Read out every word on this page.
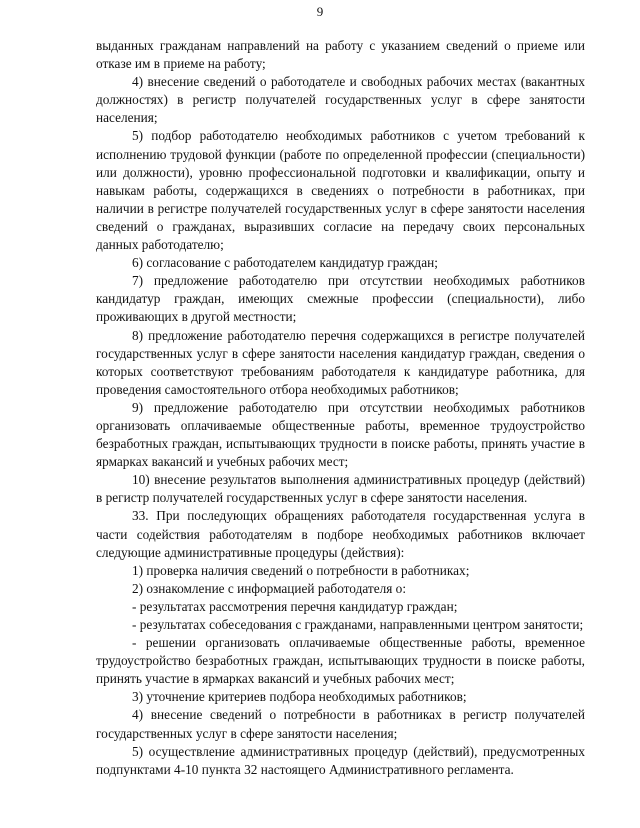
9

выданных гражданам направлений на работу с указанием сведений о приеме или отказе им в приеме на работу;

4) внесение сведений о работодателе и свободных рабочих местах (вакантных должностях) в регистр получателей государственных услуг в сфере занятости населения;

5) подбор работодателю необходимых работников с учетом требований к исполнению трудовой функции (работе по определенной профессии (специальности) или должности), уровню профессиональной подготовки и квалификации, опыту и навыкам работы, содержащихся в сведениях о потребности в работниках, при наличии в регистре получателей государственных услуг в сфере занятости населения сведений о гражданах, выразивших согласие на передачу своих персональных данных работодателю;

6) согласование с работодателем кандидатур граждан;

7) предложение работодателю при отсутствии необходимых работников кандидатур граждан, имеющих смежные профессии (специальности), либо проживающих в другой местности;

8) предложение работодателю перечня содержащихся в регистре получателей государственных услуг в сфере занятости населения кандидатур граждан, сведения о которых соответствуют требованиям работодателя к кандидатуре работника, для проведения самостоятельного отбора необходимых работников;

9) предложение работодателю при отсутствии необходимых работников организовать оплачиваемые общественные работы, временное трудоустройство безработных граждан, испытывающих трудности в поиске работы, принять участие в ярмарках вакансий и учебных рабочих мест;

10) внесение результатов выполнения административных процедур (действий) в регистр получателей государственных услуг в сфере занятости населения.

33. При последующих обращениях работодателя государственная услуга в части содействия работодателям в подборе необходимых работников включает следующие административные процедуры (действия):

1) проверка наличия сведений о потребности в работниках;

2) ознакомление с информацией работодателя о:

- результатах рассмотрения перечня кандидатур граждан;

- результатах собеседования с гражданами, направленными центром занятости;

- решении организовать оплачиваемые общественные работы, временное трудоустройство безработных граждан, испытывающих трудности в поиске работы, принять участие в ярмарках вакансий и учебных рабочих мест;

3) уточнение критериев подбора необходимых работников;

4) внесение сведений о потребности в работниках в регистр получателей государственных услуг в сфере занятости населения;

5) осуществление административных процедур (действий), предусмотренных подпунктами 4-10 пункта 32 настоящего Административного регламента.
